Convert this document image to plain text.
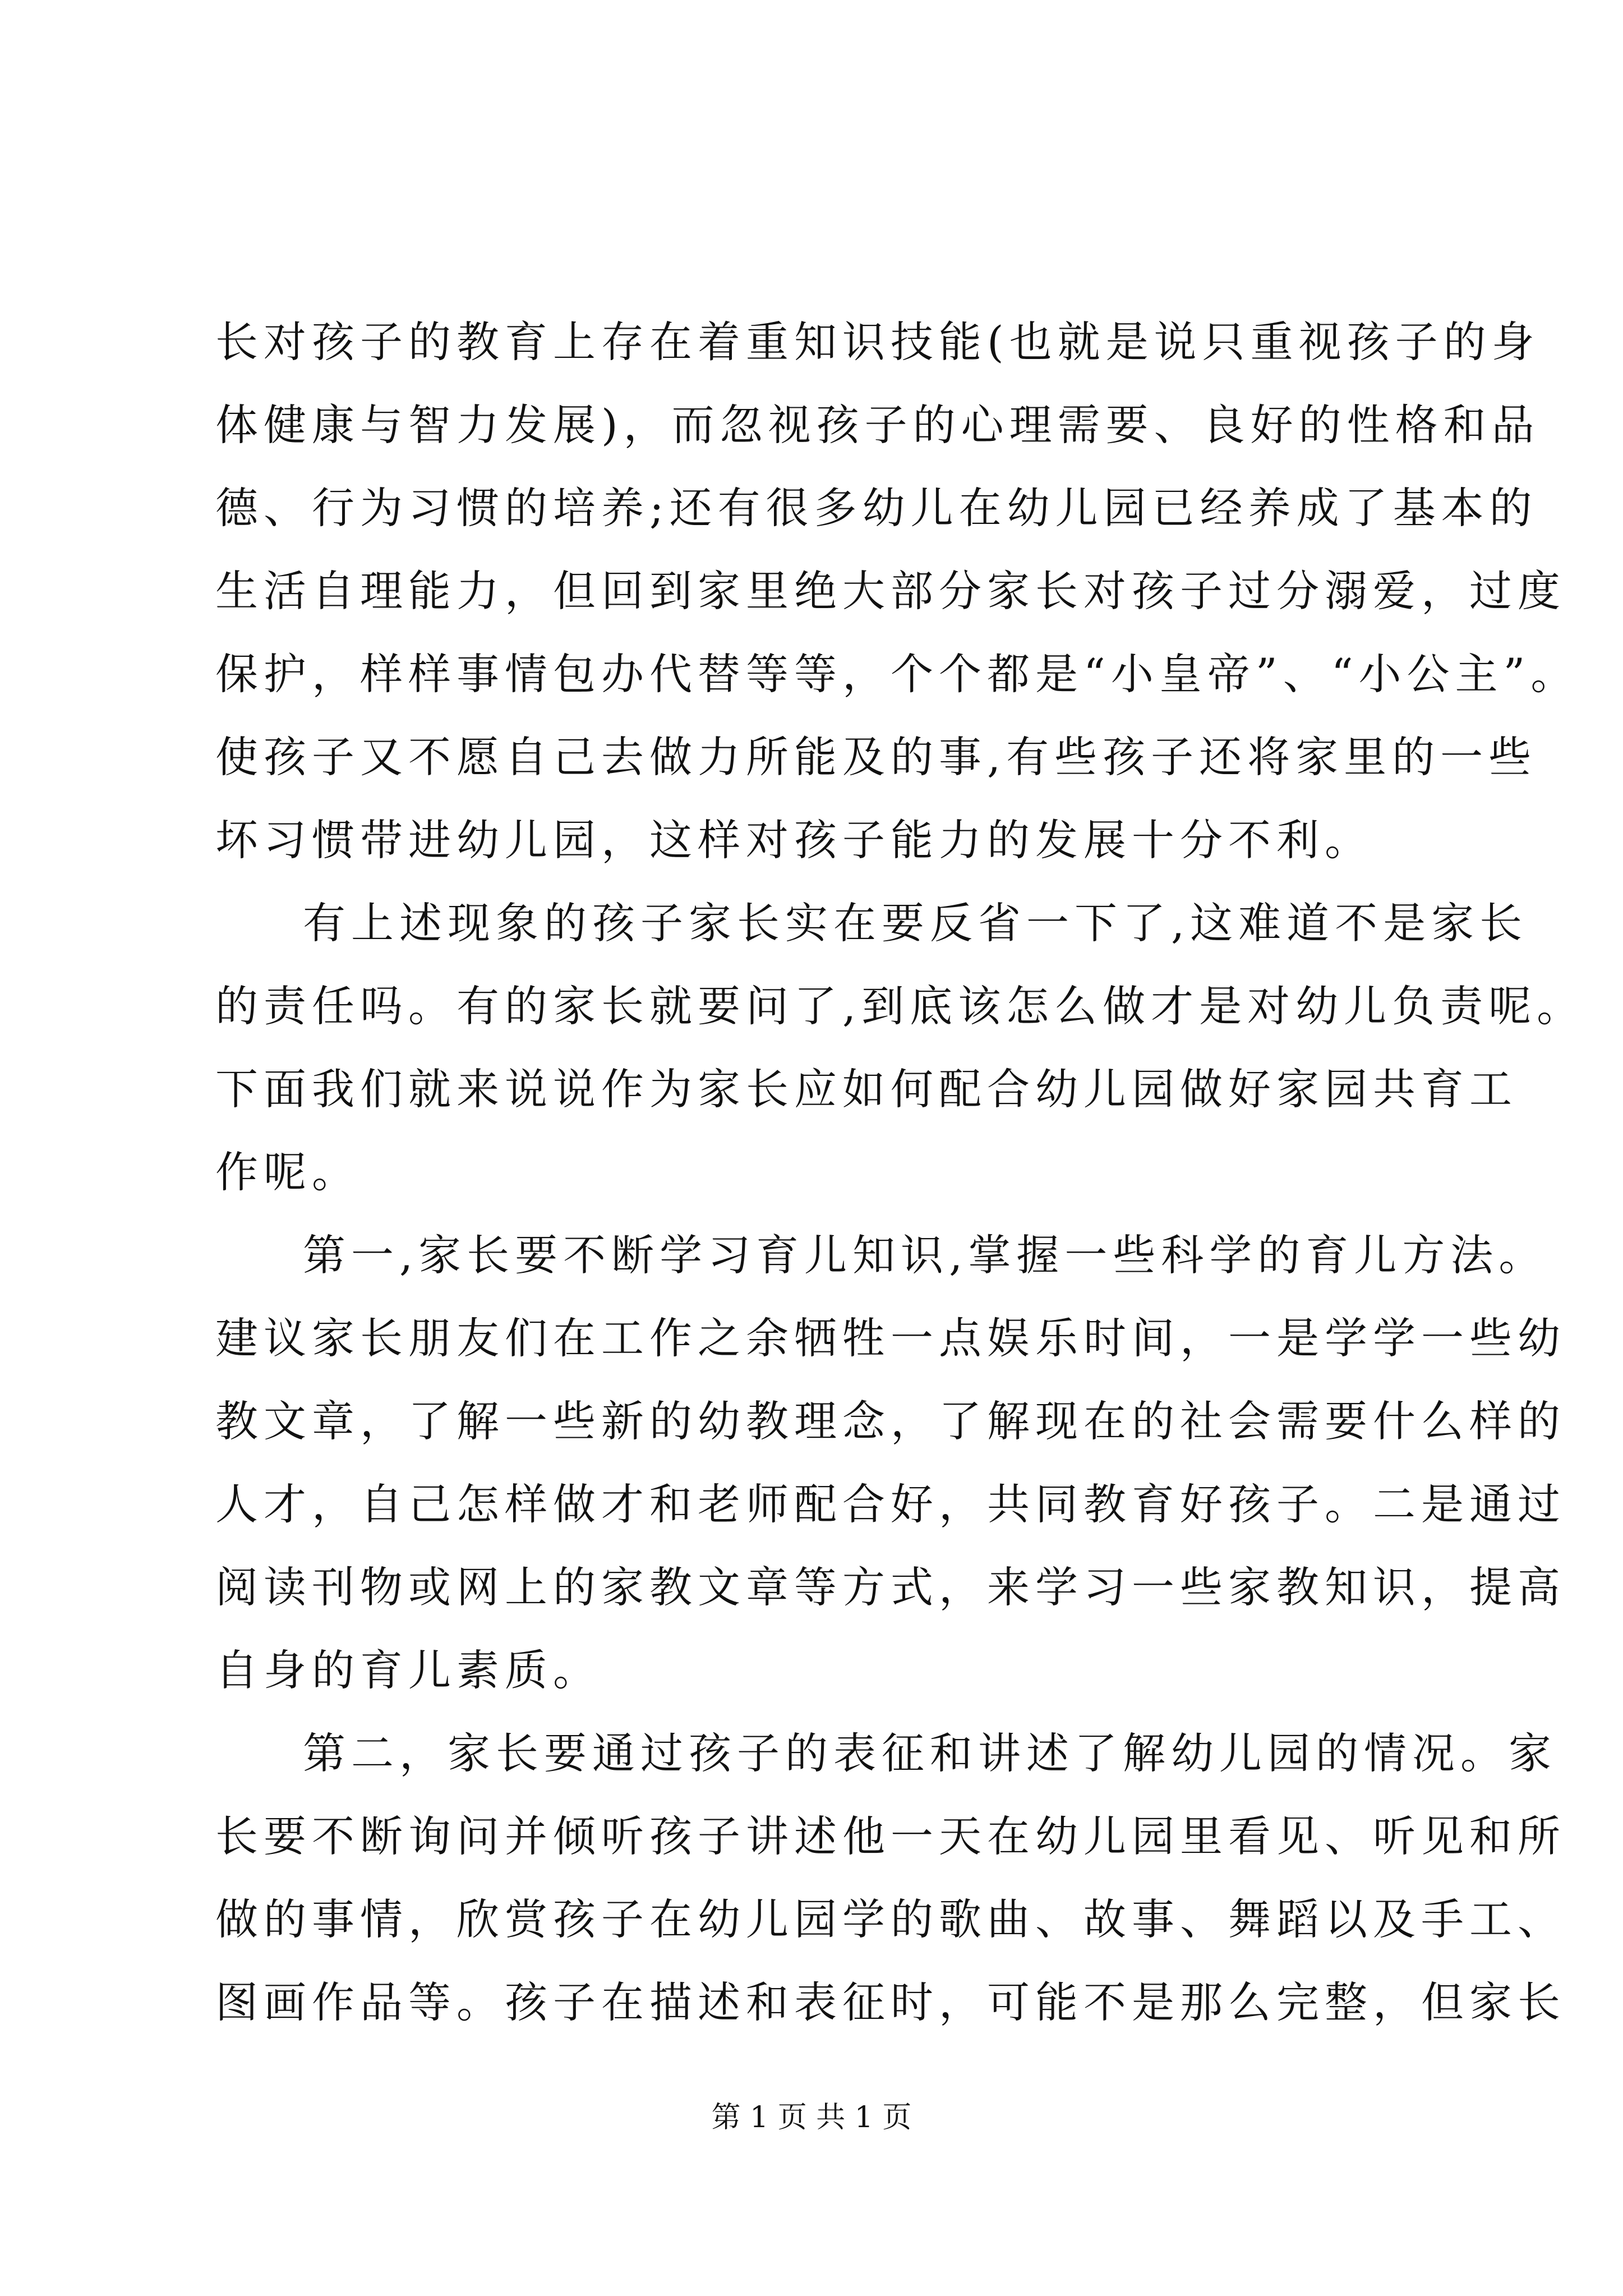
长对孩子的教育上存在着重知识技能(也就是说只重视孩子的身
体健康与智力发展)，而忽视孩子的心理需要、良好的性格和品
德、行为习惯的培养;还有很多幼儿在幼儿园已经养成了基本的
生活自理能力，但回到家里绝大部分家长对孩子过分溺爱，过度
保护，样样事情包办代替等等，个个都是“小皇帝”、“小公主”。
使孩子又不愿自己去做力所能及的事,有些孩子还将家里的一些
坏习惯带进幼儿园，这样对孩子能力的发展十分不利。
有上述现象的孩子家长实在要反省一下了,这难道不是家长
的责任吗。有的家长就要问了,到底该怎么做才是对幼儿负责呢。
下面我们就来说说作为家长应如何配合幼儿园做好家园共育工
作呢。
第一,家长要不断学习育儿知识,掌握一些科学的育儿方法。
建议家长朋友们在工作之余牺牲一点娱乐时间，一是学学一些幼
教文章，了解一些新的幼教理念，了解现在的社会需要什么样的
人才，自己怎样做才和老师配合好，共同教育好孩子。二是通过
阅读刊物或网上的家教文章等方式，来学习一些家教知识，提高
自身的育儿素质。
第二，家长要通过孩子的表征和讲述了解幼儿园的情况。家
长要不断询问并倾听孩子讲述他一天在幼儿园里看见、听见和所
做的事情，欣赏孩子在幼儿园学的歌曲、故事、舞蹈以及手工、
图画作品等。孩子在描述和表征时，可能不是那么完整，但家长
第 1 页 共 1 页
